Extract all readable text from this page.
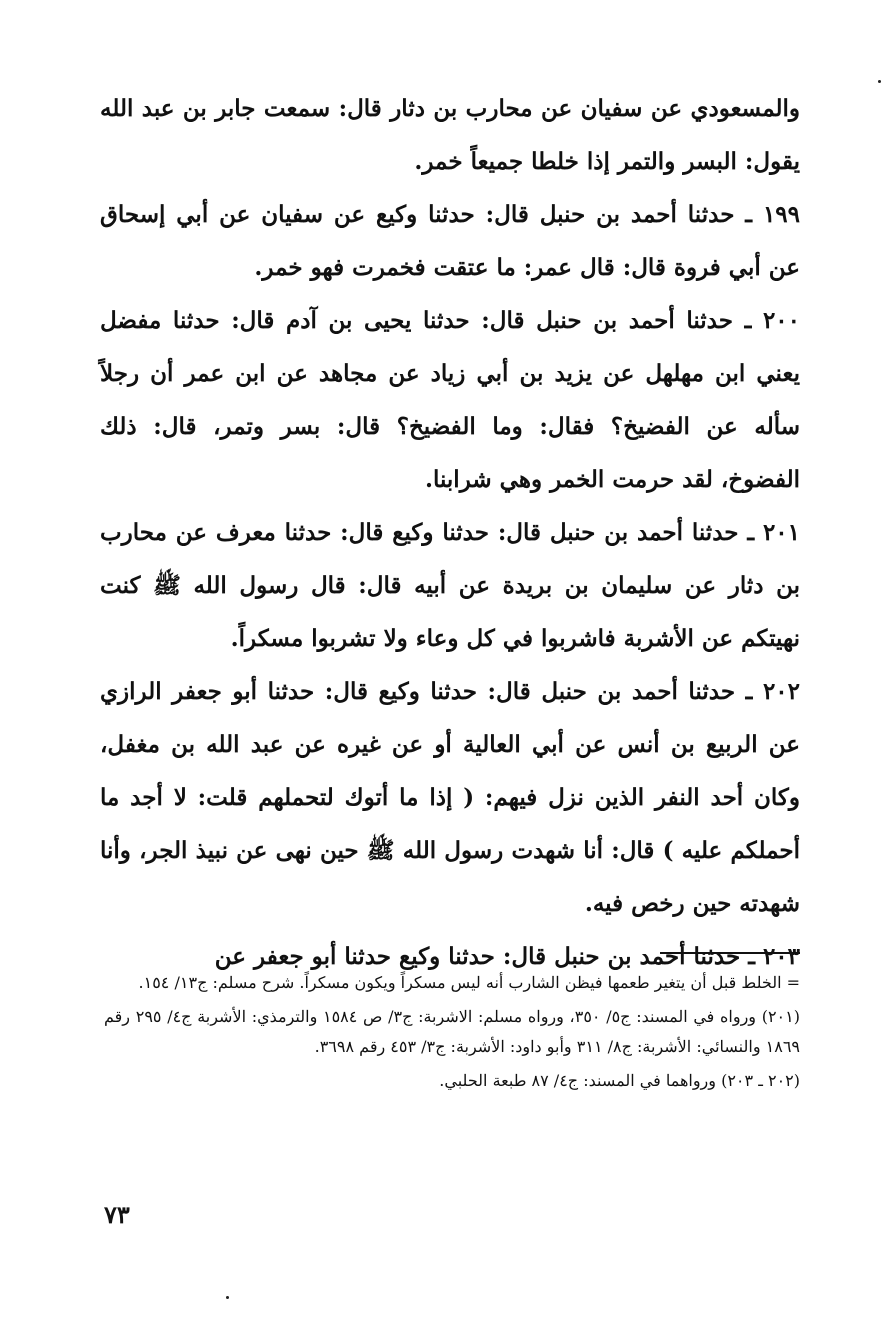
والمسعودي عن سفيان عن محارب بن دثار قال: سمعت جابر بن عبد الله يقول: البسر والتمر إذا خلطا جميعاً خمر.

١٩٩ ـ حدثنا أحمد بن حنبل قال: حدثنا وكيع عن سفيان عن أبي إسحاق عن أبي فروة قال: قال عمر: ما عتقت فخمرت فهو خمر.

٢٠٠ ـ حدثنا أحمد بن حنبل قال: حدثنا يحيى بن آدم قال: حدثنا مفضل يعني ابن مهلهل عن يزيد بن أبي زياد عن مجاهد عن ابن عمر أن رجلاً سأله عن الفضيخ؟ فقال: وما الفضيخ؟ قال: بسر وتمر، قال: ذلك الفضوخ، لقد حرمت الخمر وهي شرابنا.

٢٠١ ـ حدثنا أحمد بن حنبل قال: حدثنا وكيع قال: حدثنا معرف عن محارب بن دثار عن سليمان بن بريدة عن أبيه قال: قال رسول الله ﷺ كنت نهيتكم عن الأشربة فاشربوا في كل وعاء ولا تشربوا مسكراً.

٢٠٢ ـ حدثنا أحمد بن حنبل قال: حدثنا وكيع قال: حدثنا أبو جعفر الرازي عن الربيع بن أنس عن أبي العالية أو عن غيره عن عبد الله بن مغفل، وكان أحد النفر الذين نزل فيهم: ( إذا ما أتوك لتحملهم قلت: لا أجد ما أحملكم عليه ) قال: أنا شهدت رسول الله ﷺ حين نهى عن نبيذ الجر، وأنا شهدته حين رخص فيه.

٢٠٣ ـ حدثنا أحمد بن حنبل قال: حدثنا وكيع حدثنا أبو جعفر عن

= الخلط قبل أن يتغير طعمها فيظن الشارب أنه ليس مسكراً ويكون مسكراً. شرح مسلم: ج١٣/ ١٥٤.

(٢٠١) ورواه في المسند: ج٥/ ٣٥٠، ورواه مسلم: الاشربة: ج٣/ ص ١٥٨٤ والترمذي: الأشربة ج٤/ ٢٩٥ رقم ١٨٦٩ والنسائي: الأشربة: ج٨/ ٣١١ وأبو داود: الأشربة: ج٣/ ٤٥٣ رقم ٣٦٩٨.

(٢٠٢ ـ ٢٠٣) ورواهما في المسند: ج٤/ ٨٧ طبعة الحلبي.

٧٣
